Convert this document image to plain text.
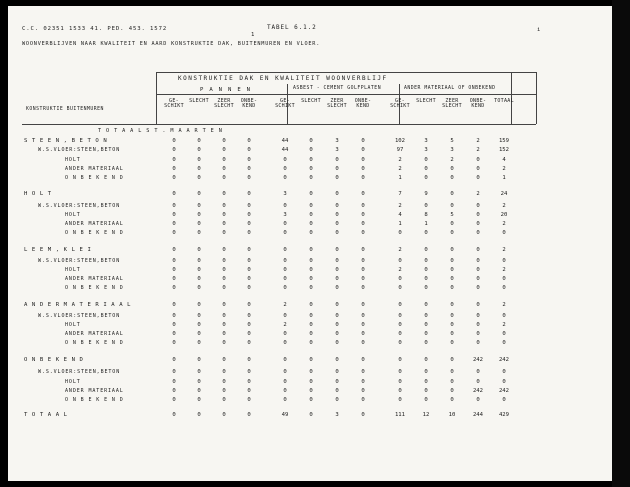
C.C. 02351 1533 41. PED. 453. 1572	TABEL 6.1.2
1
i
WOONVERBLIJVEN NAAR KWALITEIT EN AARD KONSTRUKTIE DAK, BUITENMUREN EN VLOER.
KONSTRUKTIE DAK EN KWALITEIT WOONVERBLIJF
P A N N E N	ASBEST - CEMENT GOLFPLATEN	ANDER MATERIAAL OF ONBEKEND
KONSTRUKTIE BUITENMUREN
GE-
SCHIKT
SLECHT	ZEER
SLECHT
ONBE-
KEND
GE-
SCHIKT
SLECHT	ZEER
SLECHT
ONBE-
KEND
GE-
SCHIKT
SLECHT	ZEER
SLECHT
ONBE-
KEND
TOTAAL
T O T A A L S T . M A A R T E N
S T E E N , B E T O N	0	0	0	0	44	0	3	0	102	3	5	2	159
W.S.VLOER:STEEN,BETON	0	0	0	0	44	0	3	0	97	3	3	2	152
HOLT	0	0	0	0	0	0	0	0	2	0	2	0	4
ANDER MATERIAAL	0	0	0	0	0	0	0	0	2	0	0	0	2
O N B E K E N D	0	0	0	0	0	0	0	0	1	0	0	0	1
H O L T	0	0	0	0	3	0	0	0	7	9	0	2	24
W.S.VLOER:STEEN,BETON	0	0	0	0	0	0	0	0	2	0	0	0	2
HOLT	0	0	0	0	3	0	0	0	4	8	5	0	20
ANDER MATERIAAL	0	0	0	0	0	0	0	0	1	1	0	0	2
O N B E K E N D	0	0	0	0	0	0	0	0	0	0	0	0	0
L E E M , K L E I	0	0	0	0	0	0	0	0	2	0	0	0	2
W.S.VLOER:STEEN,BETON	0	0	0	0	0	0	0	0	0	0	0	0	0
HOLT	0	0	0	0	0	0	0	0	2	0	0	0	2
ANDER MATERIAAL	0	0	0	0	0	0	0	0	0	0	0	0	0
O N B E K E N D	0	0	0	0	0	0	0	0	0	0	0	0	0
A N D E R M A T E R I A A L	0	0	0	0	2	0	0	0	0	0	0	0	2
W.S.VLOER:STEEN,BETON	0	0	0	0	0	0	0	0	0	0	0	0	0
HOLT	0	0	0	0	2	0	0	0	0	0	0	0	2
ANDER MATERIAAL	0	0	0	0	0	0	0	0	0	0	0	0	0
O N B E K E N D	0	0	0	0	0	0	0	0	0	0	0	0	0
O N B E K E N D	0	0	0	0	0	0	0	0	0	0	0	242	242
W.S.VLOER:STEEN,BETON	0	0	0	0	0	0	0	0	0	0	0	0	0
HOLT	0	0	0	0	0	0	0	0	0	0	0	0	0
ANDER MATERIAAL	0	0	0	0	0	0	0	0	0	0	0	242	242
O N B E K E N D	0	0	0	0	0	0	0	0	0	0	0	0	0
T O T A A L	0	0	0	0	49	0	3	0	111	12	10	244	429
